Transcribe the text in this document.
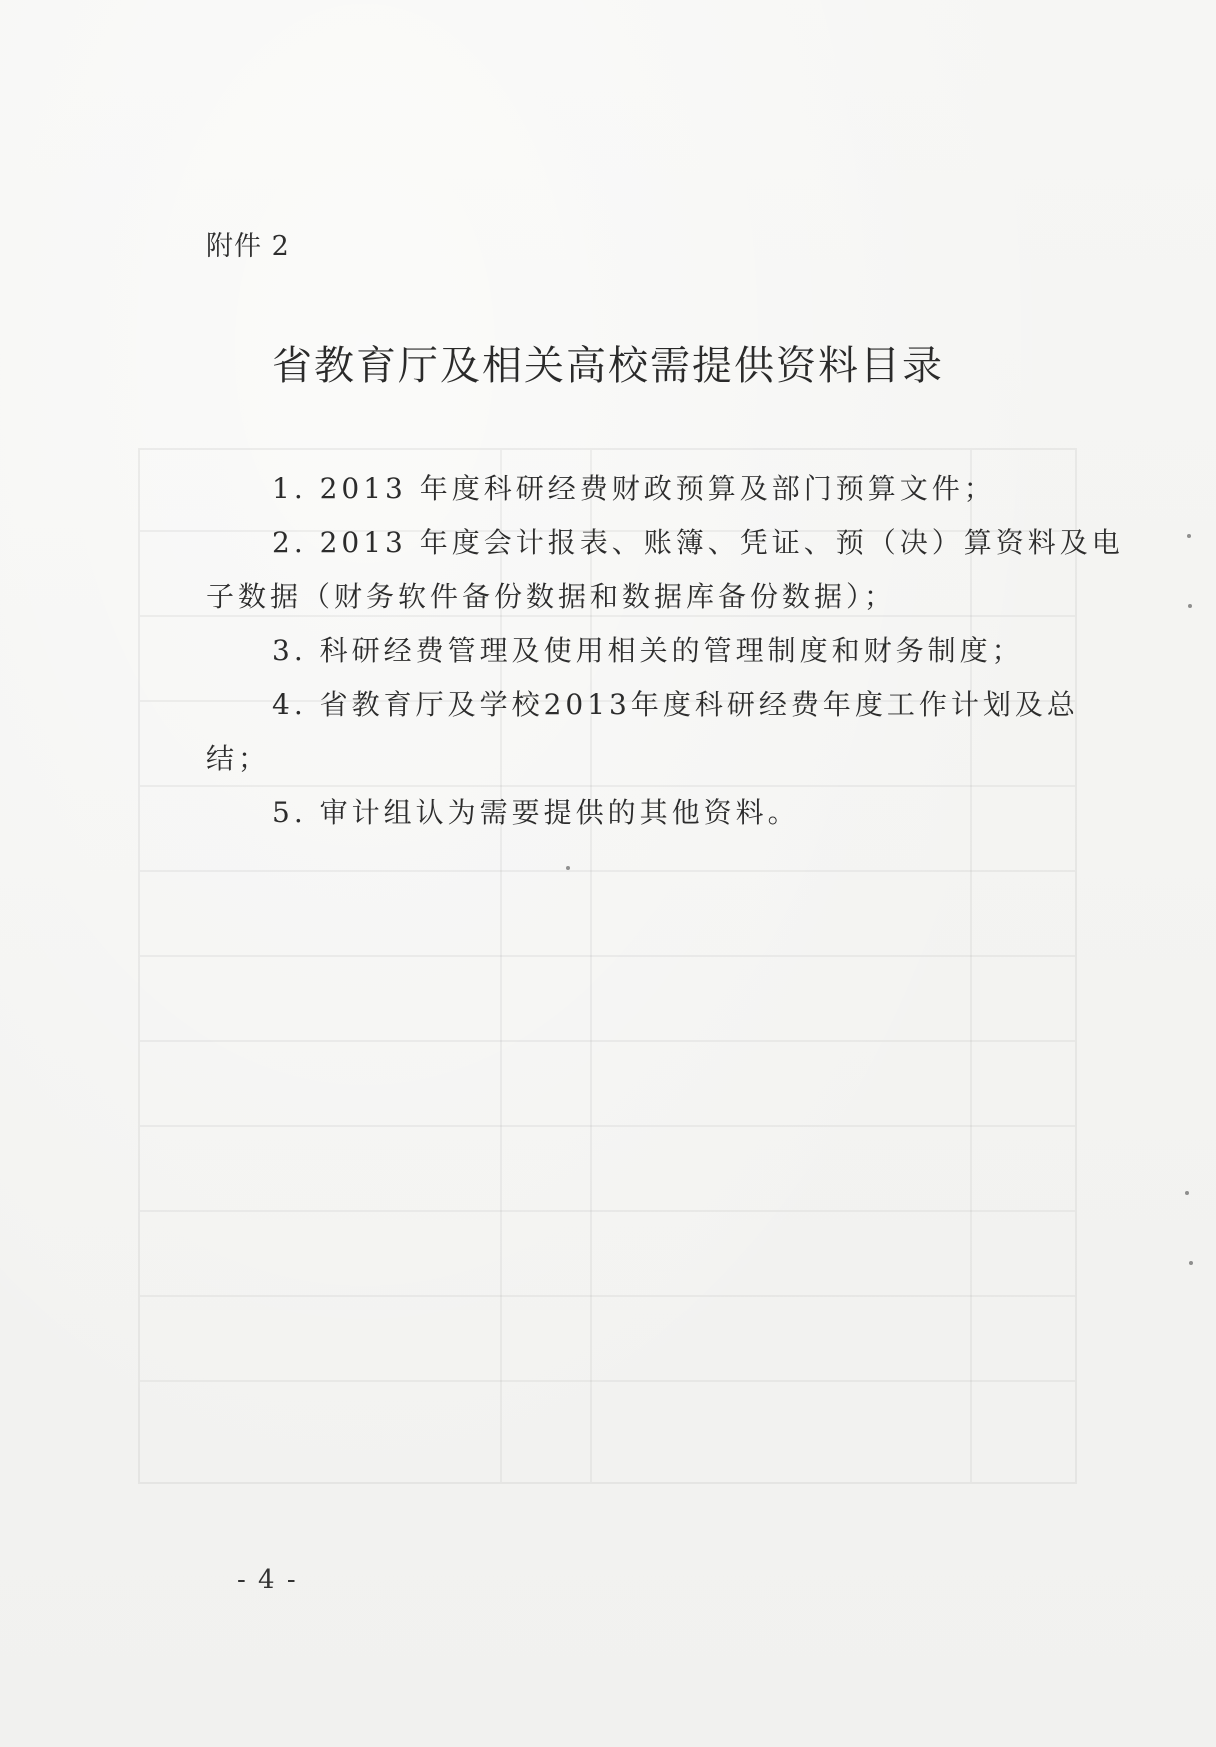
附件 2
省教育厅及相关高校需提供资料目录

1. 2013 年度科研经费财政预算及部门预算文件；

2. 2013 年度会计报表、账簿、凭证、预（决）算资料及电子数据（财务软件备份数据和数据库备份数据）；

3. 科研经费管理及使用相关的管理制度和财务制度；

4. 省教育厅及学校2013年度科研经费年度工作计划及总结；

5. 审计组认为需要提供的其他资料。

- 4 -
